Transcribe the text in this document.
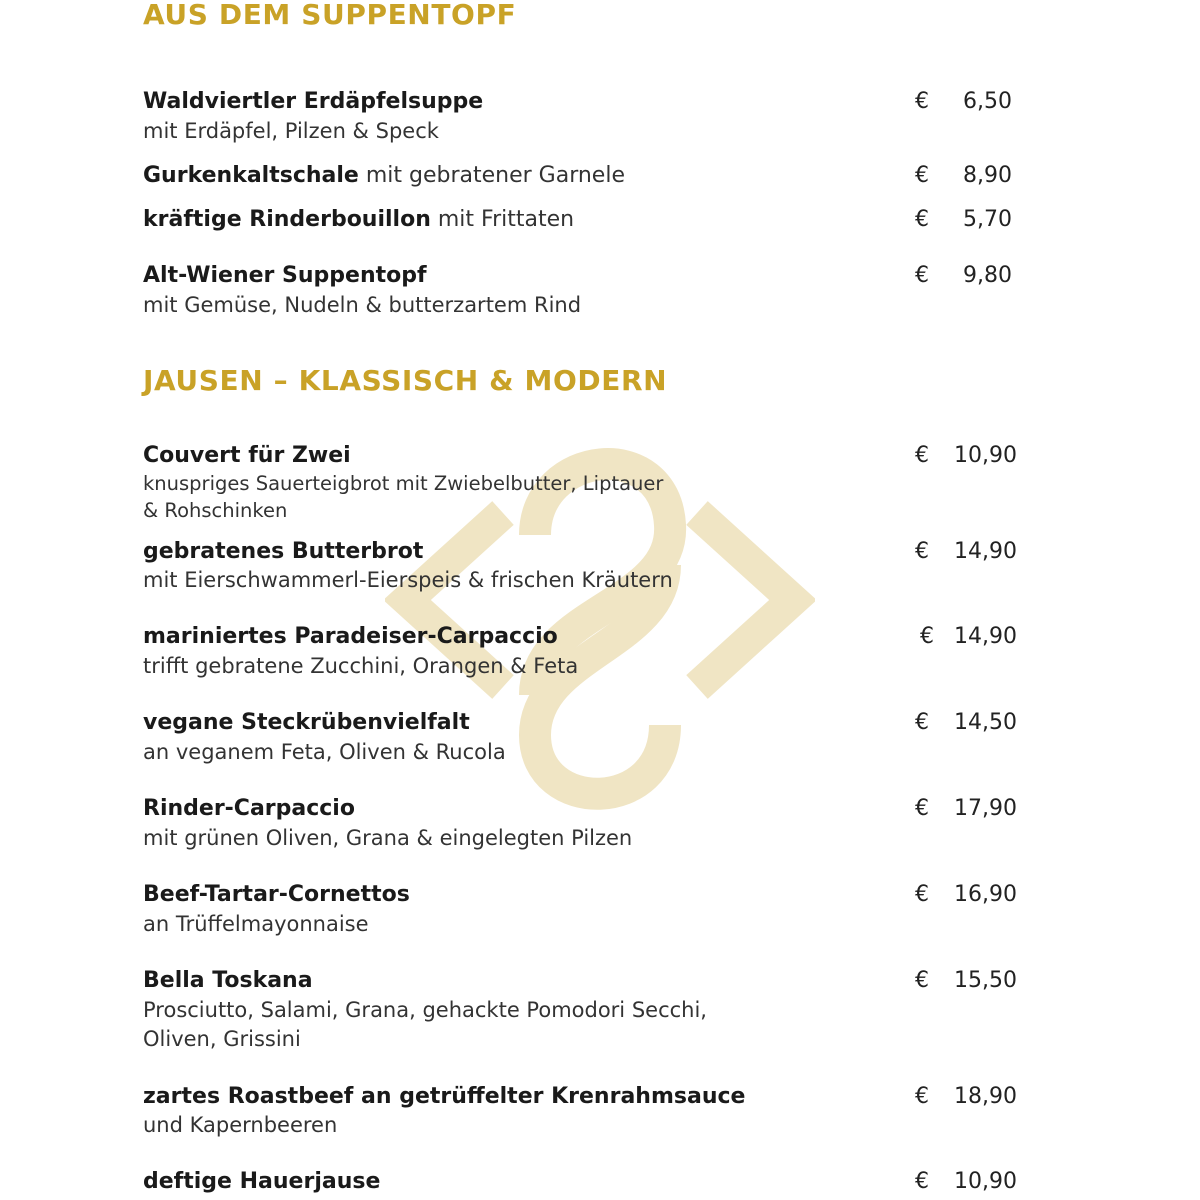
AUS DEM SUPPENTOPF
Waldviertler Erdäpfelsuppe
mit Erdäpfel, Pilzen & Speck
€	6,50
Gurkenkaltschale mit gebratener Garnele	€	8,90
kräftige Rinderbouillon mit Frittaten	€	5,70
Alt-Wiener Suppentopf
mit Gemüse, Nudeln & butterzartem Rind
€	9,80
JAUSEN – KLASSISCH & MODERN
Couvert für Zwei
knuspriges Sauerteigbrot mit Zwiebelbutter, Liptauer
& Rohschinken
€	10,90
gebratenes Butterbrot
mit Eierschwammerl-Eierspeis & frischen Kräutern
€	14,90
mariniertes Paradeiser-Carpaccio
trifft gebratene Zucchini, Orangen & Feta
€ 14,90
vegane Steckrübenvielfalt
an veganem Feta, Oliven & Rucola
€	14,50
Rinder-Carpaccio
mit grünen Oliven, Grana & eingelegten Pilzen
€	17,90
Beef-Tartar-Cornettos
an Trüffelmayonnaise
€	16,90
Bella Toskana
Prosciutto, Salami, Grana, gehackte Pomodori Secchi,
Oliven, Grissini
€	15,50
zartes Roastbeef an getrüffelter Krenrahmsauce
und Kapernbeeren
€	18,90
deftige Hauerjause	€	10,90
